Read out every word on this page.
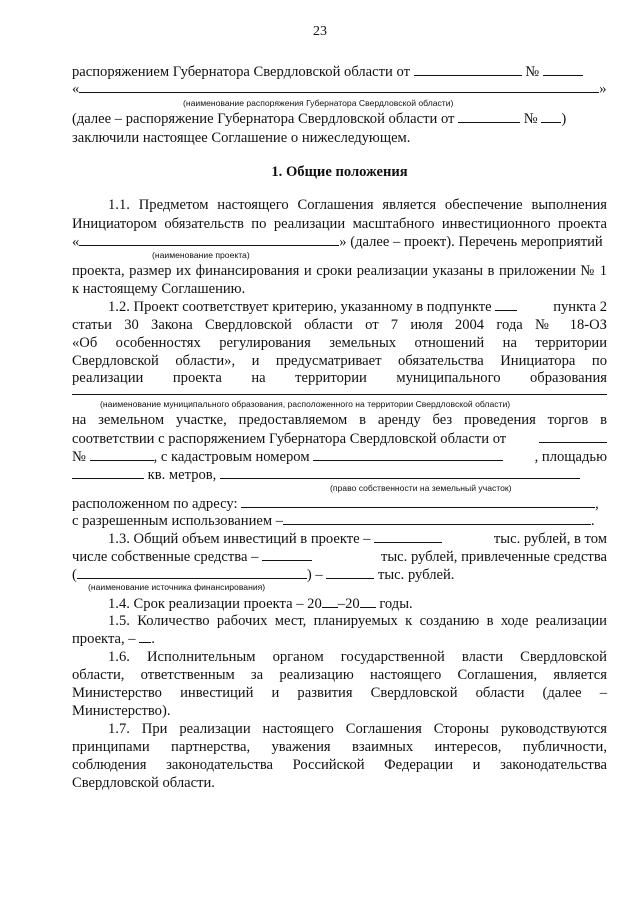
23
распоряжением Губернатора Свердловской области от	№
«	»
(наименование распоряжения Губернатора Свердловской области)
(далее – распоряжение Губернатора Свердловской области от	№ )
заключили настоящее Соглашение о нижеследующем.
1. Общие положения
1.1. Предметом настоящего Соглашения является обеспечение выполнения
Инициатором обязательств по реализации масштабного инвестиционного проекта
«	» (далее – проект). Перечень мероприятий
(наименование проекта)
проекта, размер их финансирования и сроки реализации указаны в приложении № 1
к настоящему Соглашению.
1.2. Проект соответствует критерию, указанному в подпункте	пункта 2
статьи 30 Закона Свердловской области от 7 июля 2004 года № 18-ОЗ
«Об особенностях регулирования земельных отношений на территории
Свердловской области», и предусматривает обязательства Инициатора по
реализации проекта на территории муниципального образования
(наименование муниципального образования, расположенного на территории Свердловской области)
на земельном участке, предоставляемом в аренду без проведения торгов в
соответствии с распоряжением Губернатора Свердловской области от
№	, с кадастровым номером	, площадью
кв. метров,
(право собственности на земельный участок)
расположенном по адресу:	,
с разрешенным использованием –	.
1.3. Общий объем инвестиций в проекте –	тыс. рублей, в том
числе собственные средства –	тыс. рублей, привлеченные средства
(	) –	тыс. рублей.
(наименование источника финансирования)
1.4. Срок реализации проекта – 20 –20 годы.
1.5. Количество рабочих мест, планируемых к созданию в ходе реализации
проекта, – .
1.6. Исполнительным органом государственной власти Свердловской
области, ответственным за реализацию настоящего Соглашения, является
Министерство инвестиций и развития Свердловской области (далее –
Министерство).
1.7. При реализации настоящего Соглашения Стороны руководствуются
принципами партнерства, уважения взаимных интересов, публичности,
соблюдения законодательства Российской Федерации и законодательства
Свердловской области.
